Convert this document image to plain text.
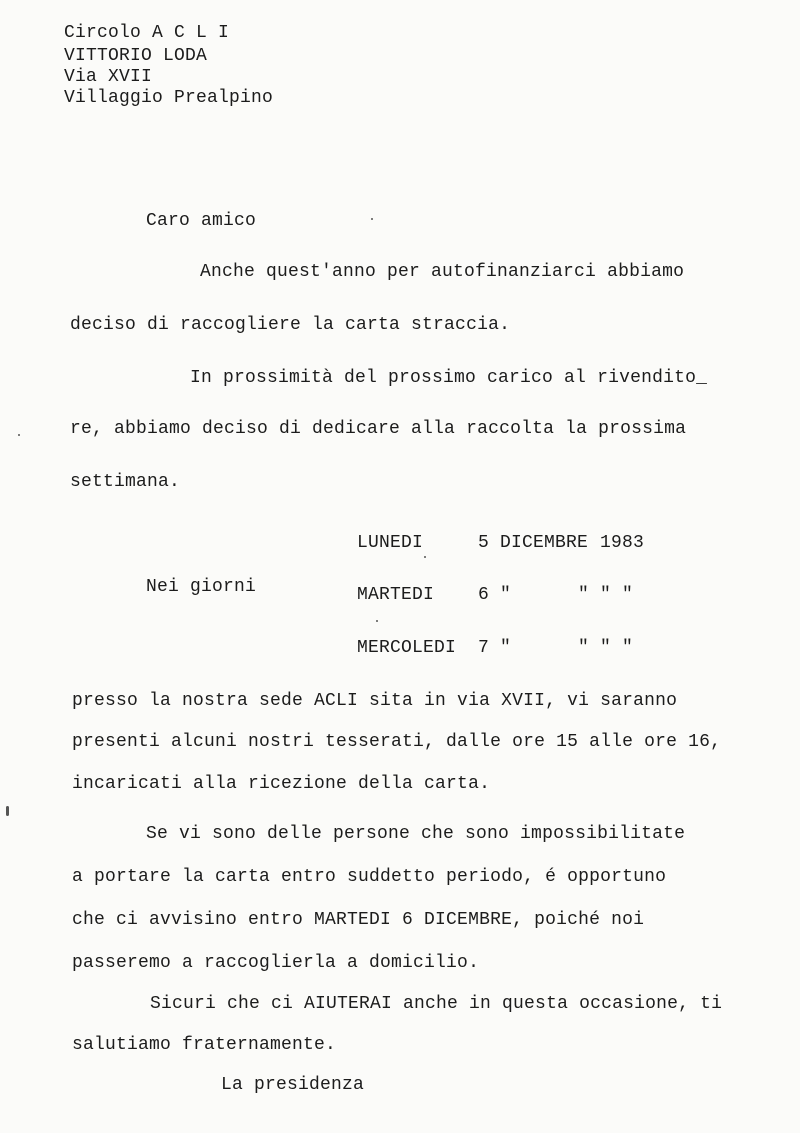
Circolo A C L I
VITTORIO LODA
Via XVII
Villaggio Prealpino
Caro amico
Anche quest'anno per autofinanziarci abbiamo
deciso di raccogliere la carta straccia.
In prossimità del prossimo carico al rivendito_
re, abbiamo deciso di dedicare alla raccolta la prossima
settimana.
Nei giorni
LUNEDI	5 DICEMBRE 1983
MARTEDI 6 "	" " "
MERCOLEDI 7 "	" " "
presso la nostra sede ACLI sita in via XVII, vi saranno
presenti alcuni nostri tesserati, dalle ore 15 alle ore 16,
incaricati alla ricezione della carta.
Se vi sono delle persone che sono impossibilitate
a portare la carta entro suddetto periodo, é opportuno
che ci avvisino entro MARTEDI 6 DICEMBRE, poiché noi
passeremo a raccoglierla a domicilio.
Sicuri che ci AIUTERAI anche in questa occasione, ti
salutiamo fraternamente.
La presidenza
